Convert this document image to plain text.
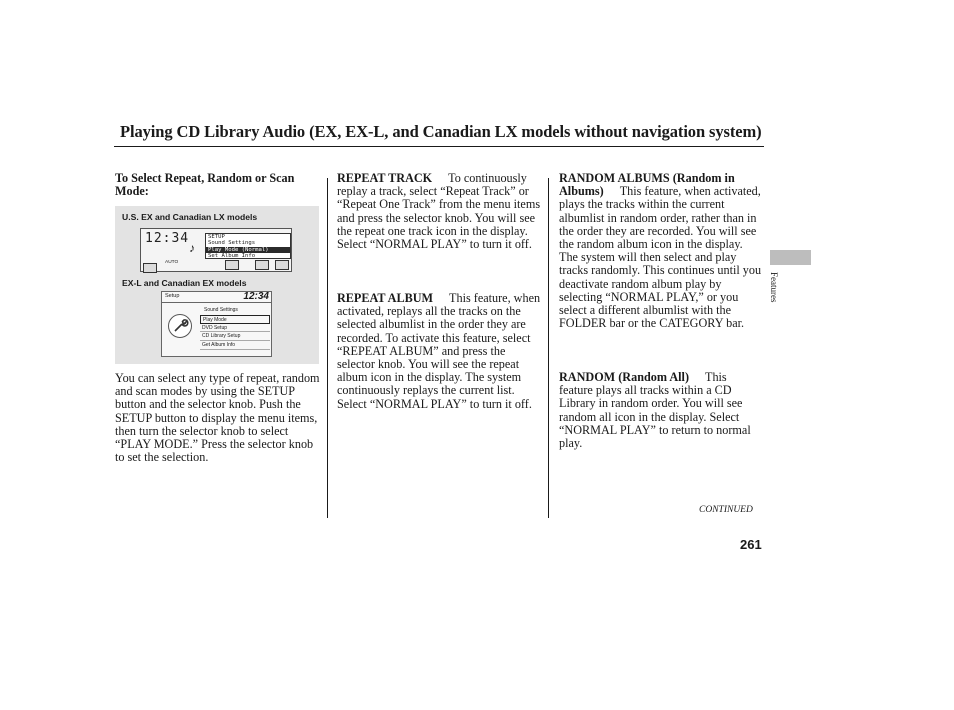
Playing CD Library Audio (EX, EX-L, and Canadian LX models without navigation system)
To Select Repeat, Random or Scan Mode:
U.S. EX and Canadian LX models
12:34
♪
SETUP
Sound Settings
Play Mode (Normal)
Set Album Info
$^{AUTO}$
EX-L and Canadian EX models
Setup	12:34
Sound Settings
Play Mode
DVD Setup
CD Library Setup
Get Album Info
You can select any type of repeat, random and scan modes by using the SETUP button and the selector knob. Push the SETUP button to display the menu items, then turn the selector knob to select “PLAY MODE.” Press the selector knob to set the selection.

REPEAT TRACK To continuously replay a track, select “Repeat Track” or “Repeat One Track” from the menu items and press the selector knob. You will see the repeat one track icon in the display. Select “NORMAL PLAY” to turn it off.

REPEAT ALBUM This feature, when activated, replays all the tracks on the selected albumlist in the order they are recorded. To activate this feature, select “REPEAT ALBUM” and press the selector knob. You will see the repeat album icon in the display. The system continuously replays the current list. Select “NORMAL PLAY” to turn it off.

RANDOM ALBUMS (Random in Albums) This feature, when activated, plays the tracks within the current albumlist in random order, rather than in the order they are recorded. You will see the random album icon in the display. The system will then select and play tracks randomly. This continues until you deactivate random album play by selecting “NORMAL PLAY,” or you select a different albumlist with the FOLDER bar or the CATEGORY bar.

RANDOM (Random All) This feature plays all tracks within a CD Library in random order. You will see random all icon in the display. Select “NORMAL PLAY” to return to normal play.

Features
CONTINUED
261
